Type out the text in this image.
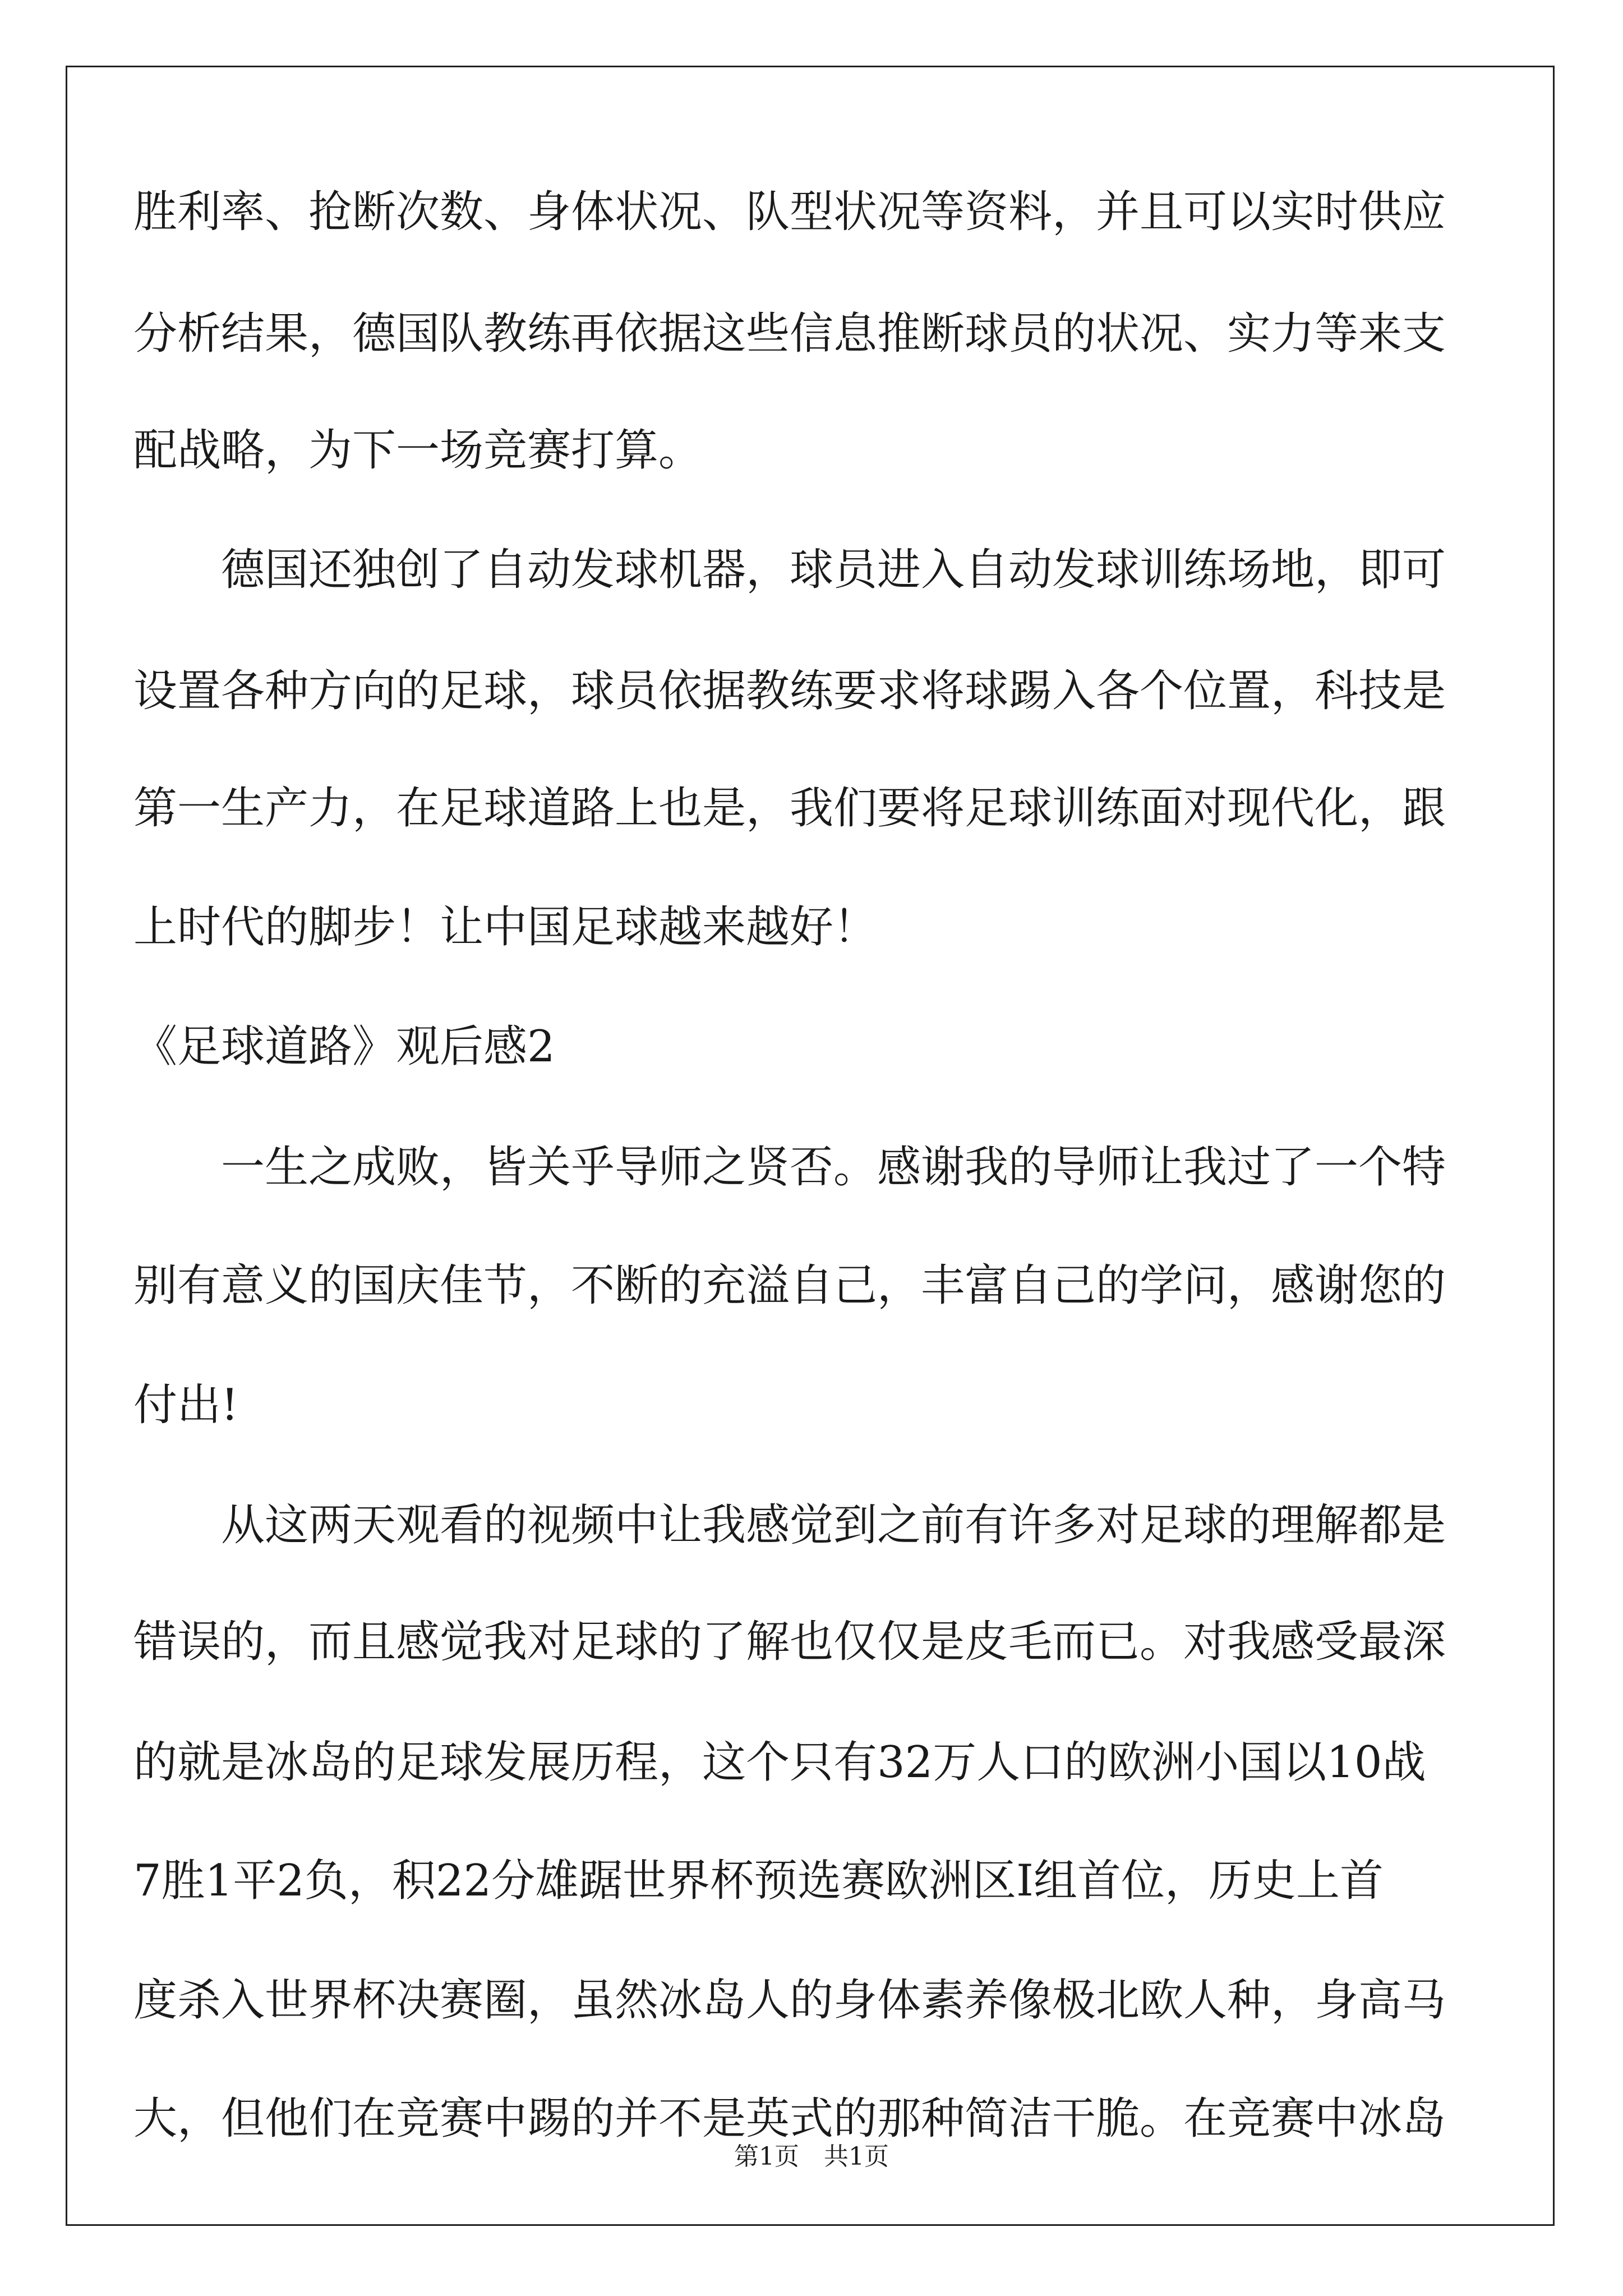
胜利率、抢断次数、身体状况、队型状况等资料，并且可以实时供应
分析结果，德国队教练再依据这些信息推断球员的状况、实力等来支
配战略，为下一场竞赛打算。
　　德国还独创了自动发球机器，球员进入自动发球训练场地，即可
设置各种方向的足球，球员依据教练要求将球踢入各个位置，科技是
第一生产力，在足球道路上也是，我们要将足球训练面对现代化，跟
上时代的脚步！让中国足球越来越好！
《足球道路》观后感2
　　一生之成败，皆关乎导师之贤否。感谢我的导师让我过了一个特
别有意义的国庆佳节，不断的充溢自己，丰富自己的学问，感谢您的
付出!
　　从这两天观看的视频中让我感觉到之前有许多对足球的理解都是
错误的，而且感觉我对足球的了解也仅仅是皮毛而已。对我感受最深
的就是冰岛的足球发展历程，这个只有32万人口的欧洲小国以10战
7胜1平2负，积22分雄踞世界杯预选赛欧洲区I组首位，历史上首
度杀入世界杯决赛圈，虽然冰岛人的身体素养像极北欧人种，身高马
大，但他们在竞赛中踢的并不是英式的那种简洁干脆。在竞赛中冰岛
第1页　共1页
